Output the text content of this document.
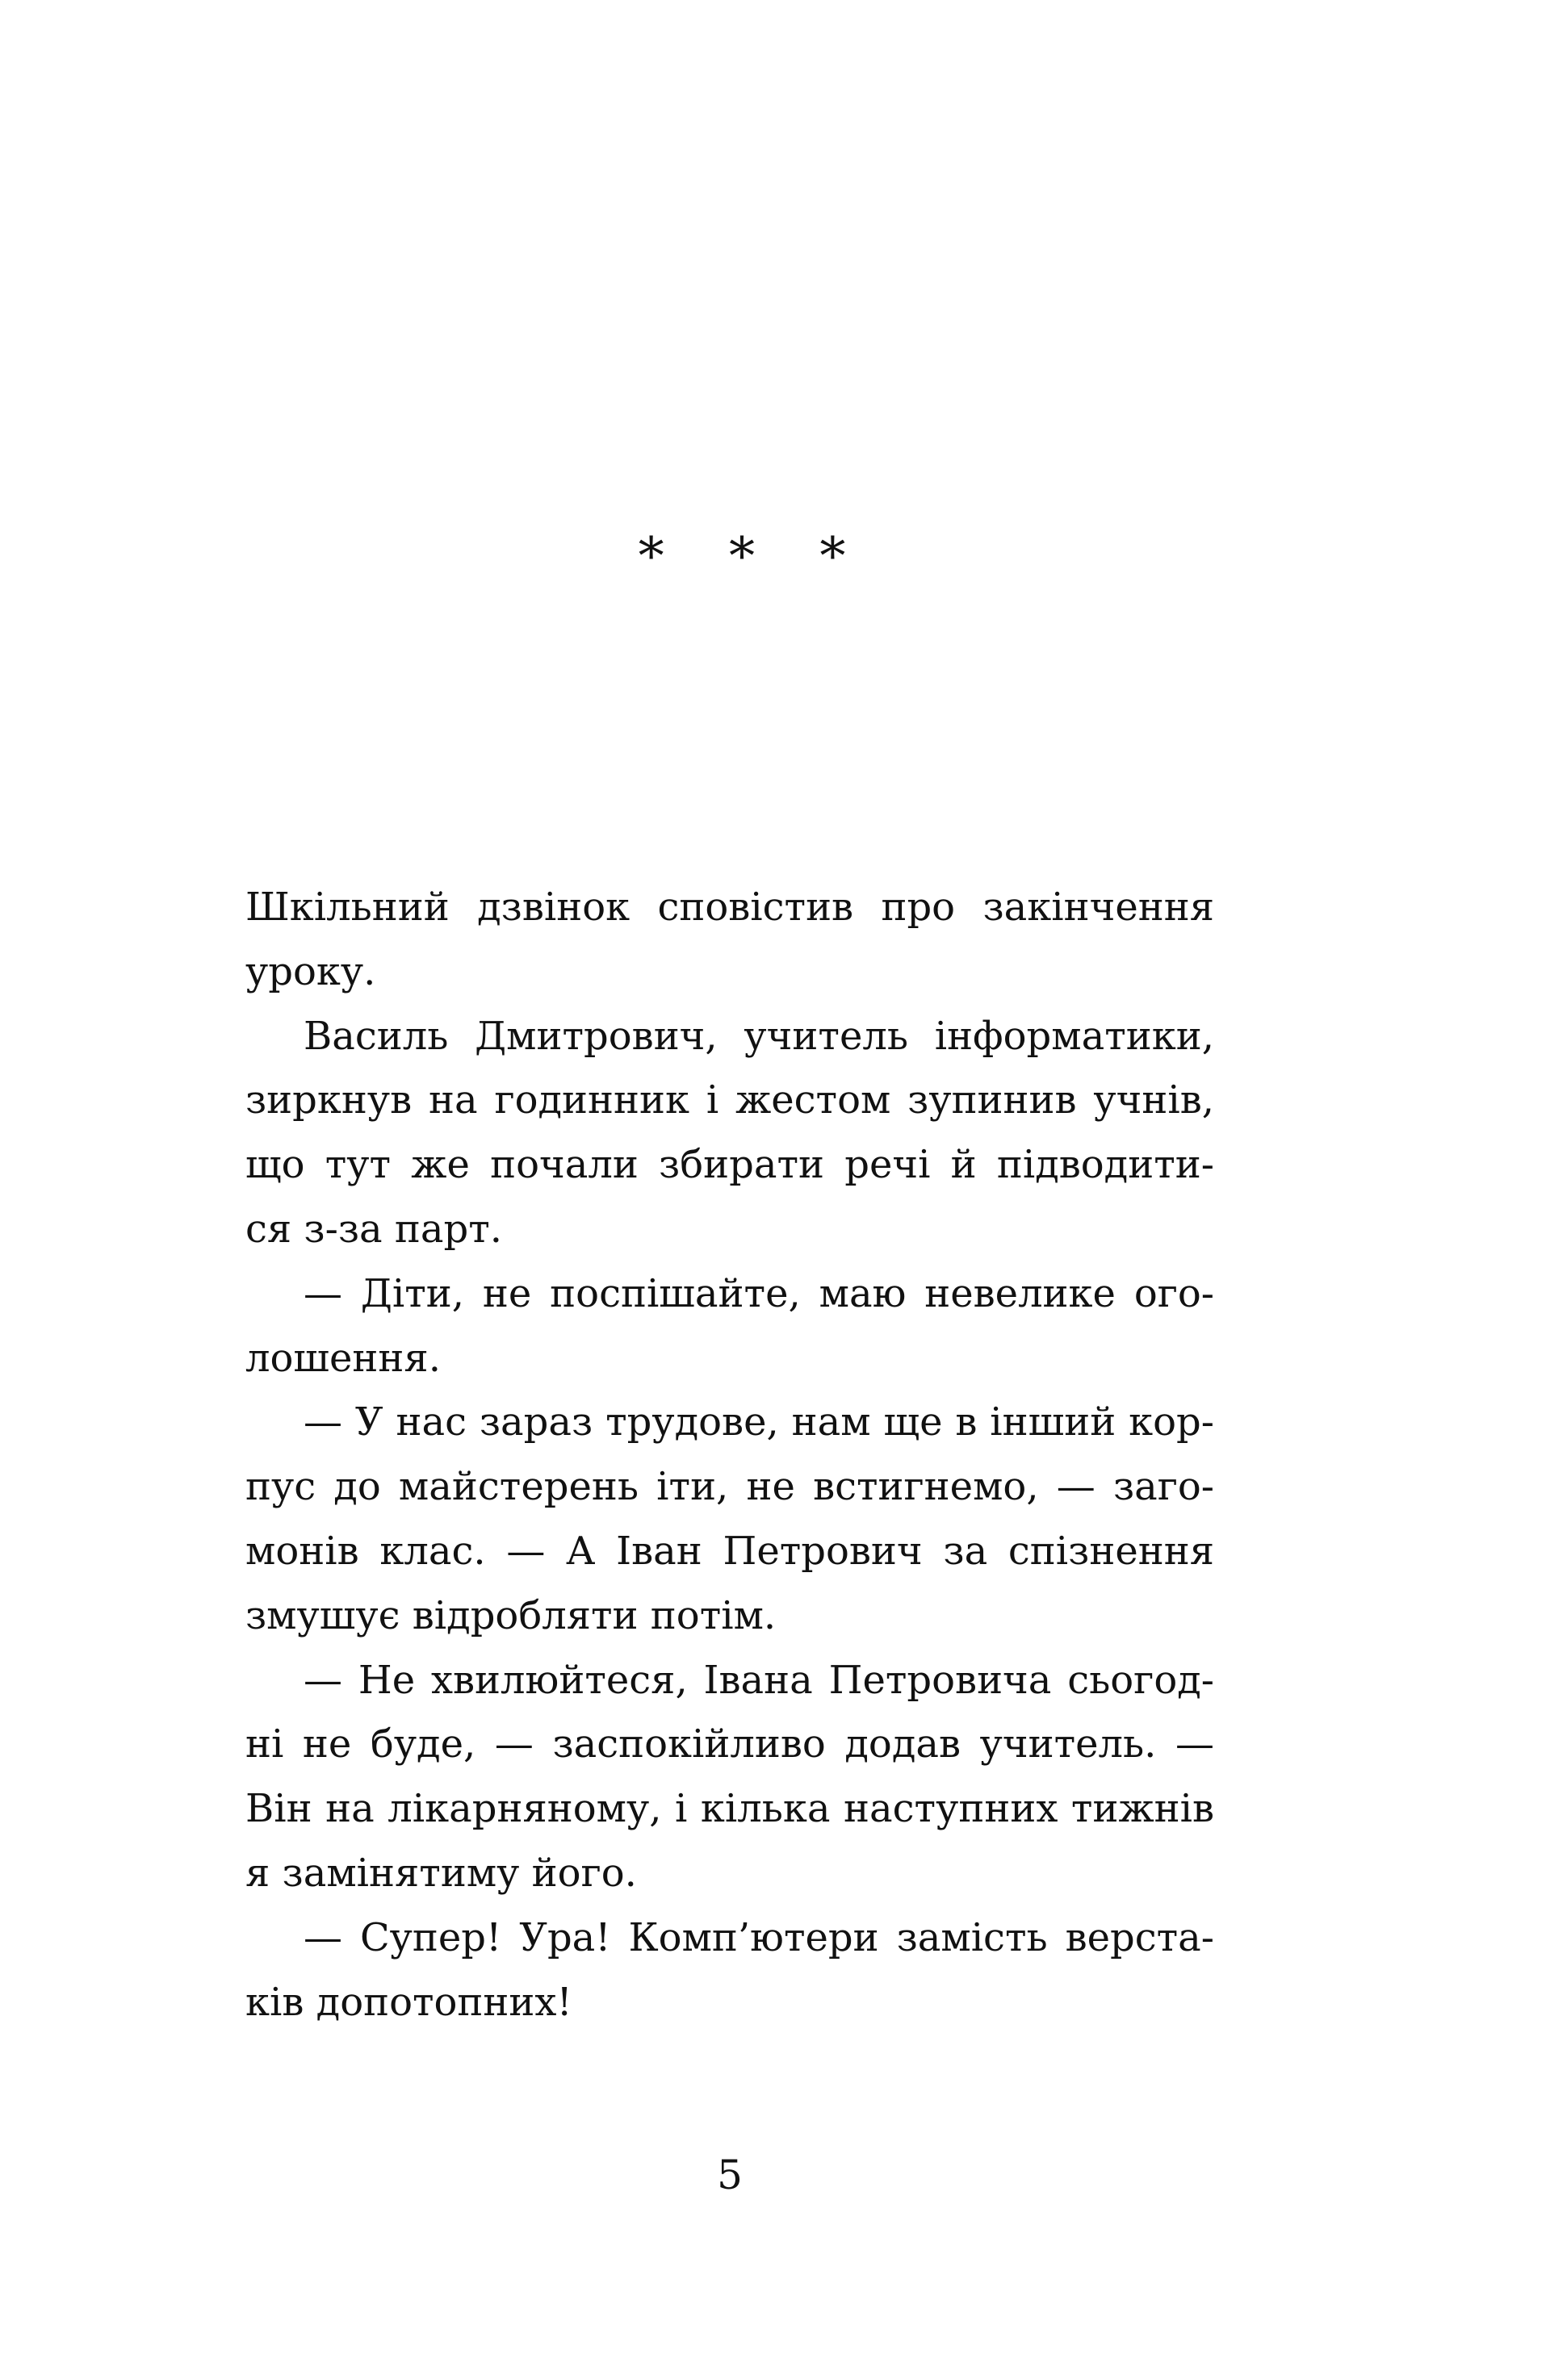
* * *
Шкільний дзвінок сповістив про закінчення
уроку.
Василь Дмитрович, учитель інформатики,
зиркнув на годинник і жестом зупинив учнів,
що тут же почали збирати речі й підводити-
ся з-за парт.
— Діти, не поспішайте, маю невелике ого-
лошення.
— У нас зараз трудове, нам ще в інший кор-
пус до майстерень іти, не встигнемо, — заго-
монів клас. — А Іван Петрович за спізнення
змушує відробляти потім.
— Не хвилюйтеся, Івана Петровича сьогод-
ні не буде, — заспокійливо додав учитель. —
Він на лікарняному, і кілька наступних тижнів
я замінятиму його.
— Супер! Ура! Комп’ютери замість верста-
ків допотопних!
5
